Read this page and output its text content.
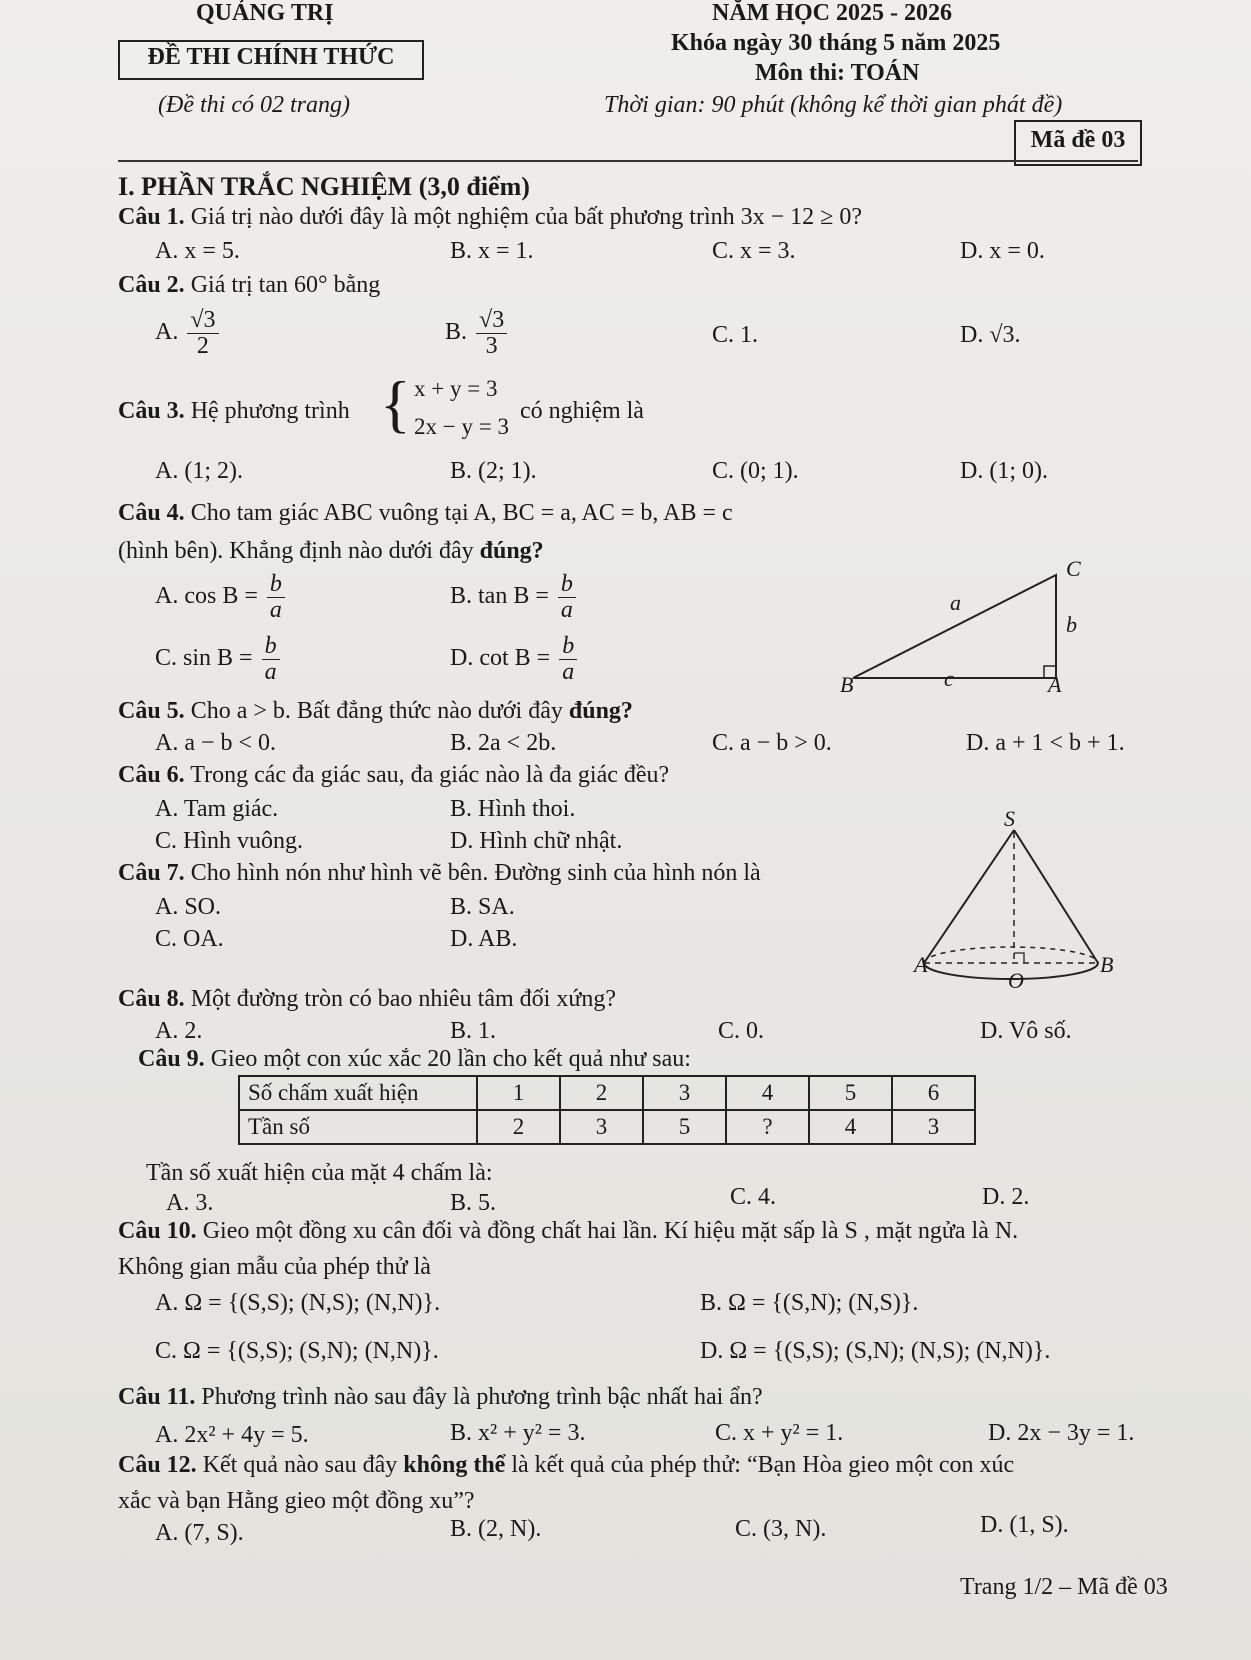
QUẢNG TRỊ
ĐỀ THI CHÍNH THỨC
(Đề thi có 02 trang)
NĂM HỌC 2025 - 2026
Khóa ngày 30 tháng 5 năm 2025
Môn thi: TOÁN
Thời gian: 90 phút (không kể thời gian phát đề)
Mã đề 03
I. PHẦN TRẮC NGHIỆM (3,0 điểm)
Câu 1. Giá trị nào dưới đây là một nghiệm của bất phương trình 3x − 12 ≥ 0?
A. x = 5.	B. x = 1.	C. x = 3.	D. x = 0.
Câu 2. Giá trị tan 60° bằng
A. $\frac{√3}{2}$	B. $\frac{√3}{3}$	C. 1.	D. √3.
Câu 3. Hệ phương trình { x + y = 3
2x − y = 3
có nghiệm là
A. (1; 2).	B. (2; 1).	C. (0; 1).	D. (1; 0).
Câu 4. Cho tam giác ABC vuông tại A, BC = a, AC = b, AB = c
(hình bên). Khẳng định nào dưới đây đúng?
A. $\cos B = \frac{b}{a}$	B. $\tan B = \frac{b}{a}$
C. $\sin B = \frac{b}{a}$	D. $\cot B = \frac{b}{a}$
C
B	A
a
b
c
Câu 5. Cho a > b. Bất đẳng thức nào dưới đây đúng?
A. a − b < 0.	B. 2a < 2b.	C. a − b > 0.	D. a + 1 < b + 1.
Câu 6. Trong các đa giác sau, đa giác nào là đa giác đều?
A. Tam giác.	B. Hình thoi.
C. Hình vuông.	D. Hình chữ nhật.
Câu 7. Cho hình nón như hình vẽ bên. Đường sinh của hình nón là
A. SO.	B. SA.
C. OA.	D. AB.
S
A	B
O
Câu 8. Một đường tròn có bao nhiêu tâm đối xứng?
A. 2.	B. 1.	C. 0.	D. Vô số.
Câu 9. Gieo một con xúc xắc 20 lần cho kết quả như sau:
Số chấm xuất hiện	1	2	3	4	5	6
Tần số	2	3	5	?	4	3
Tần số xuất hiện của mặt 4 chấm là:
A. 3.	B. 5.	C. 4.	D. 2.
Câu 10. Gieo một đồng xu cân đối và đồng chất hai lần. Kí hiệu mặt sấp là S , mặt ngửa là N.
Không gian mẫu của phép thử là
A. Ω = {(S,S); (N,S); (N,N)}.	B. Ω = {(S,N); (N,S)}.
C. Ω = {(S,S); (S,N); (N,N)}.	D. Ω = {(S,S); (S,N); (N,S); (N,N)}.
Câu 11. Phương trình nào sau đây là phương trình bậc nhất hai ẩn?
A. 2x² + 4y = 5.	B. x² + y² = 3.	C. x + y² = 1.	D. 2x − 3y = 1.
Câu 12. Kết quả nào sau đây không thể là kết quả của phép thử: “Bạn Hòa gieo một con xúc
xắc và bạn Hằng gieo một đồng xu”?
A. (7, S).	B. (2, N).	C. (3, N).	D. (1, S).
Trang 1/2 – Mã đề 03
